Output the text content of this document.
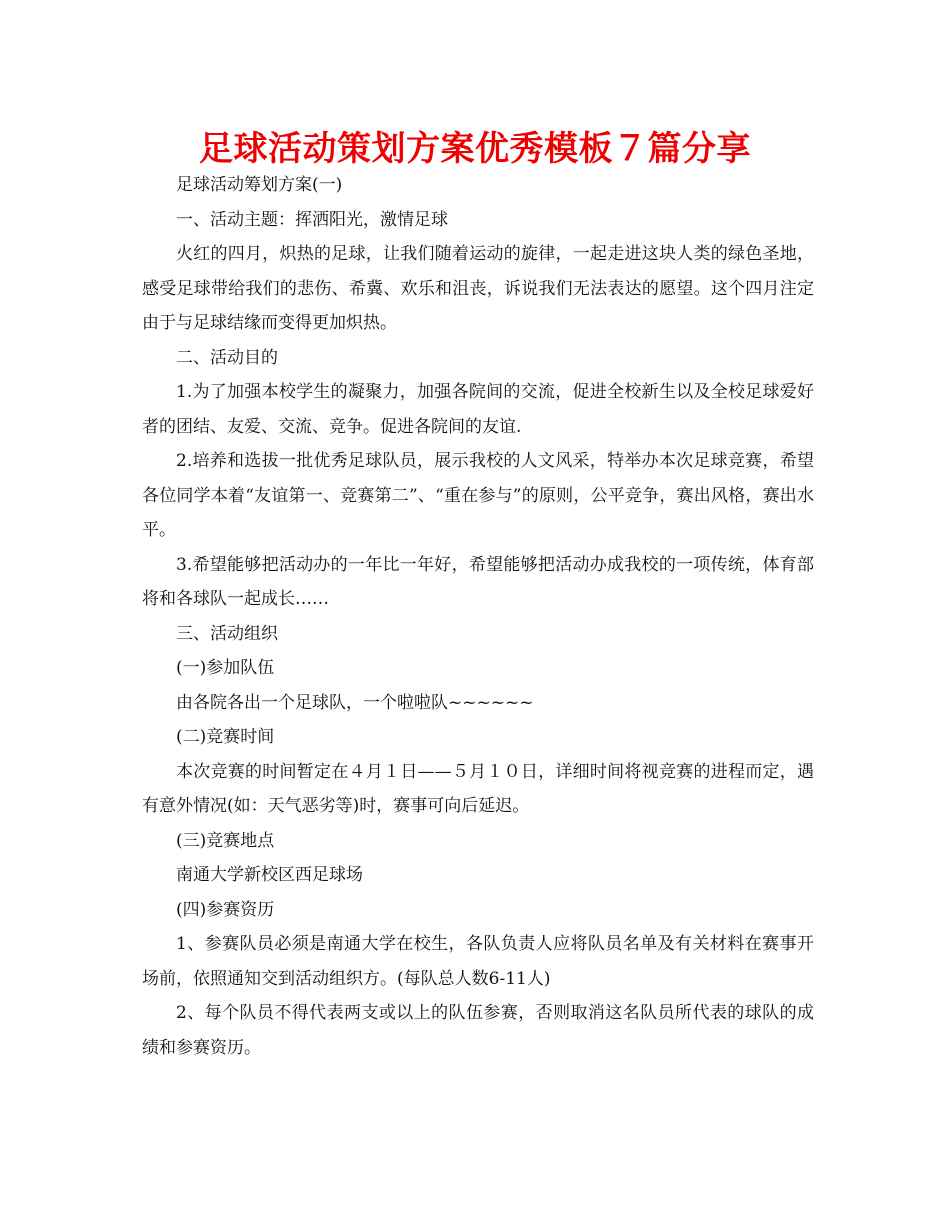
足球活动策划方案优秀模板７篇分享

足球活动筹划方案(一)

一、活动主题：挥洒阳光，激情足球

火红的四月，炽热的足球，让我们随着运动的旋律，一起走进这块人类的绿色圣地，感受足球带给我们的悲伤、希冀、欢乐和沮丧，诉说我们无法表达的愿望。这个四月注定由于与足球结缘而变得更加炽热。

二、活动目的

1.为了加强本校学生的凝聚力，加强各院间的交流，促进全校新生以及全校足球爱好者的团结、友爱、交流、竞争。促进各院间的友谊.

2.培养和选拔一批优秀足球队员，展示我校的人文风采，特举办本次足球竞赛，希望各位同学本着“友谊第一、竞赛第二”、“重在参与”的原则，公平竞争，赛出风格，赛出水平。

3.希望能够把活动办的一年比一年好，希望能够把活动办成我校的一项传统，体育部将和各球队一起成长……

三、活动组织

(一)参加队伍

由各院各出一个足球队，一个啦啦队~~~~~~

(二)竞赛时间

本次竞赛的时间暂定在４月１日——５月１０日，详细时间将视竞赛的进程而定，遇有意外情况(如：天气恶劣等)时，赛事可向后延迟。

(三)竞赛地点

南通大学新校区西足球场

(四)参赛资历

1、参赛队员必须是南通大学在校生，各队负责人应将队员名单及有关材料在赛事开场前，依照通知交到活动组织方。(每队总人数6-11人)

2、每个队员不得代表两支或以上的队伍参赛，否则取消这名队员所代表的球队的成绩和参赛资历。
